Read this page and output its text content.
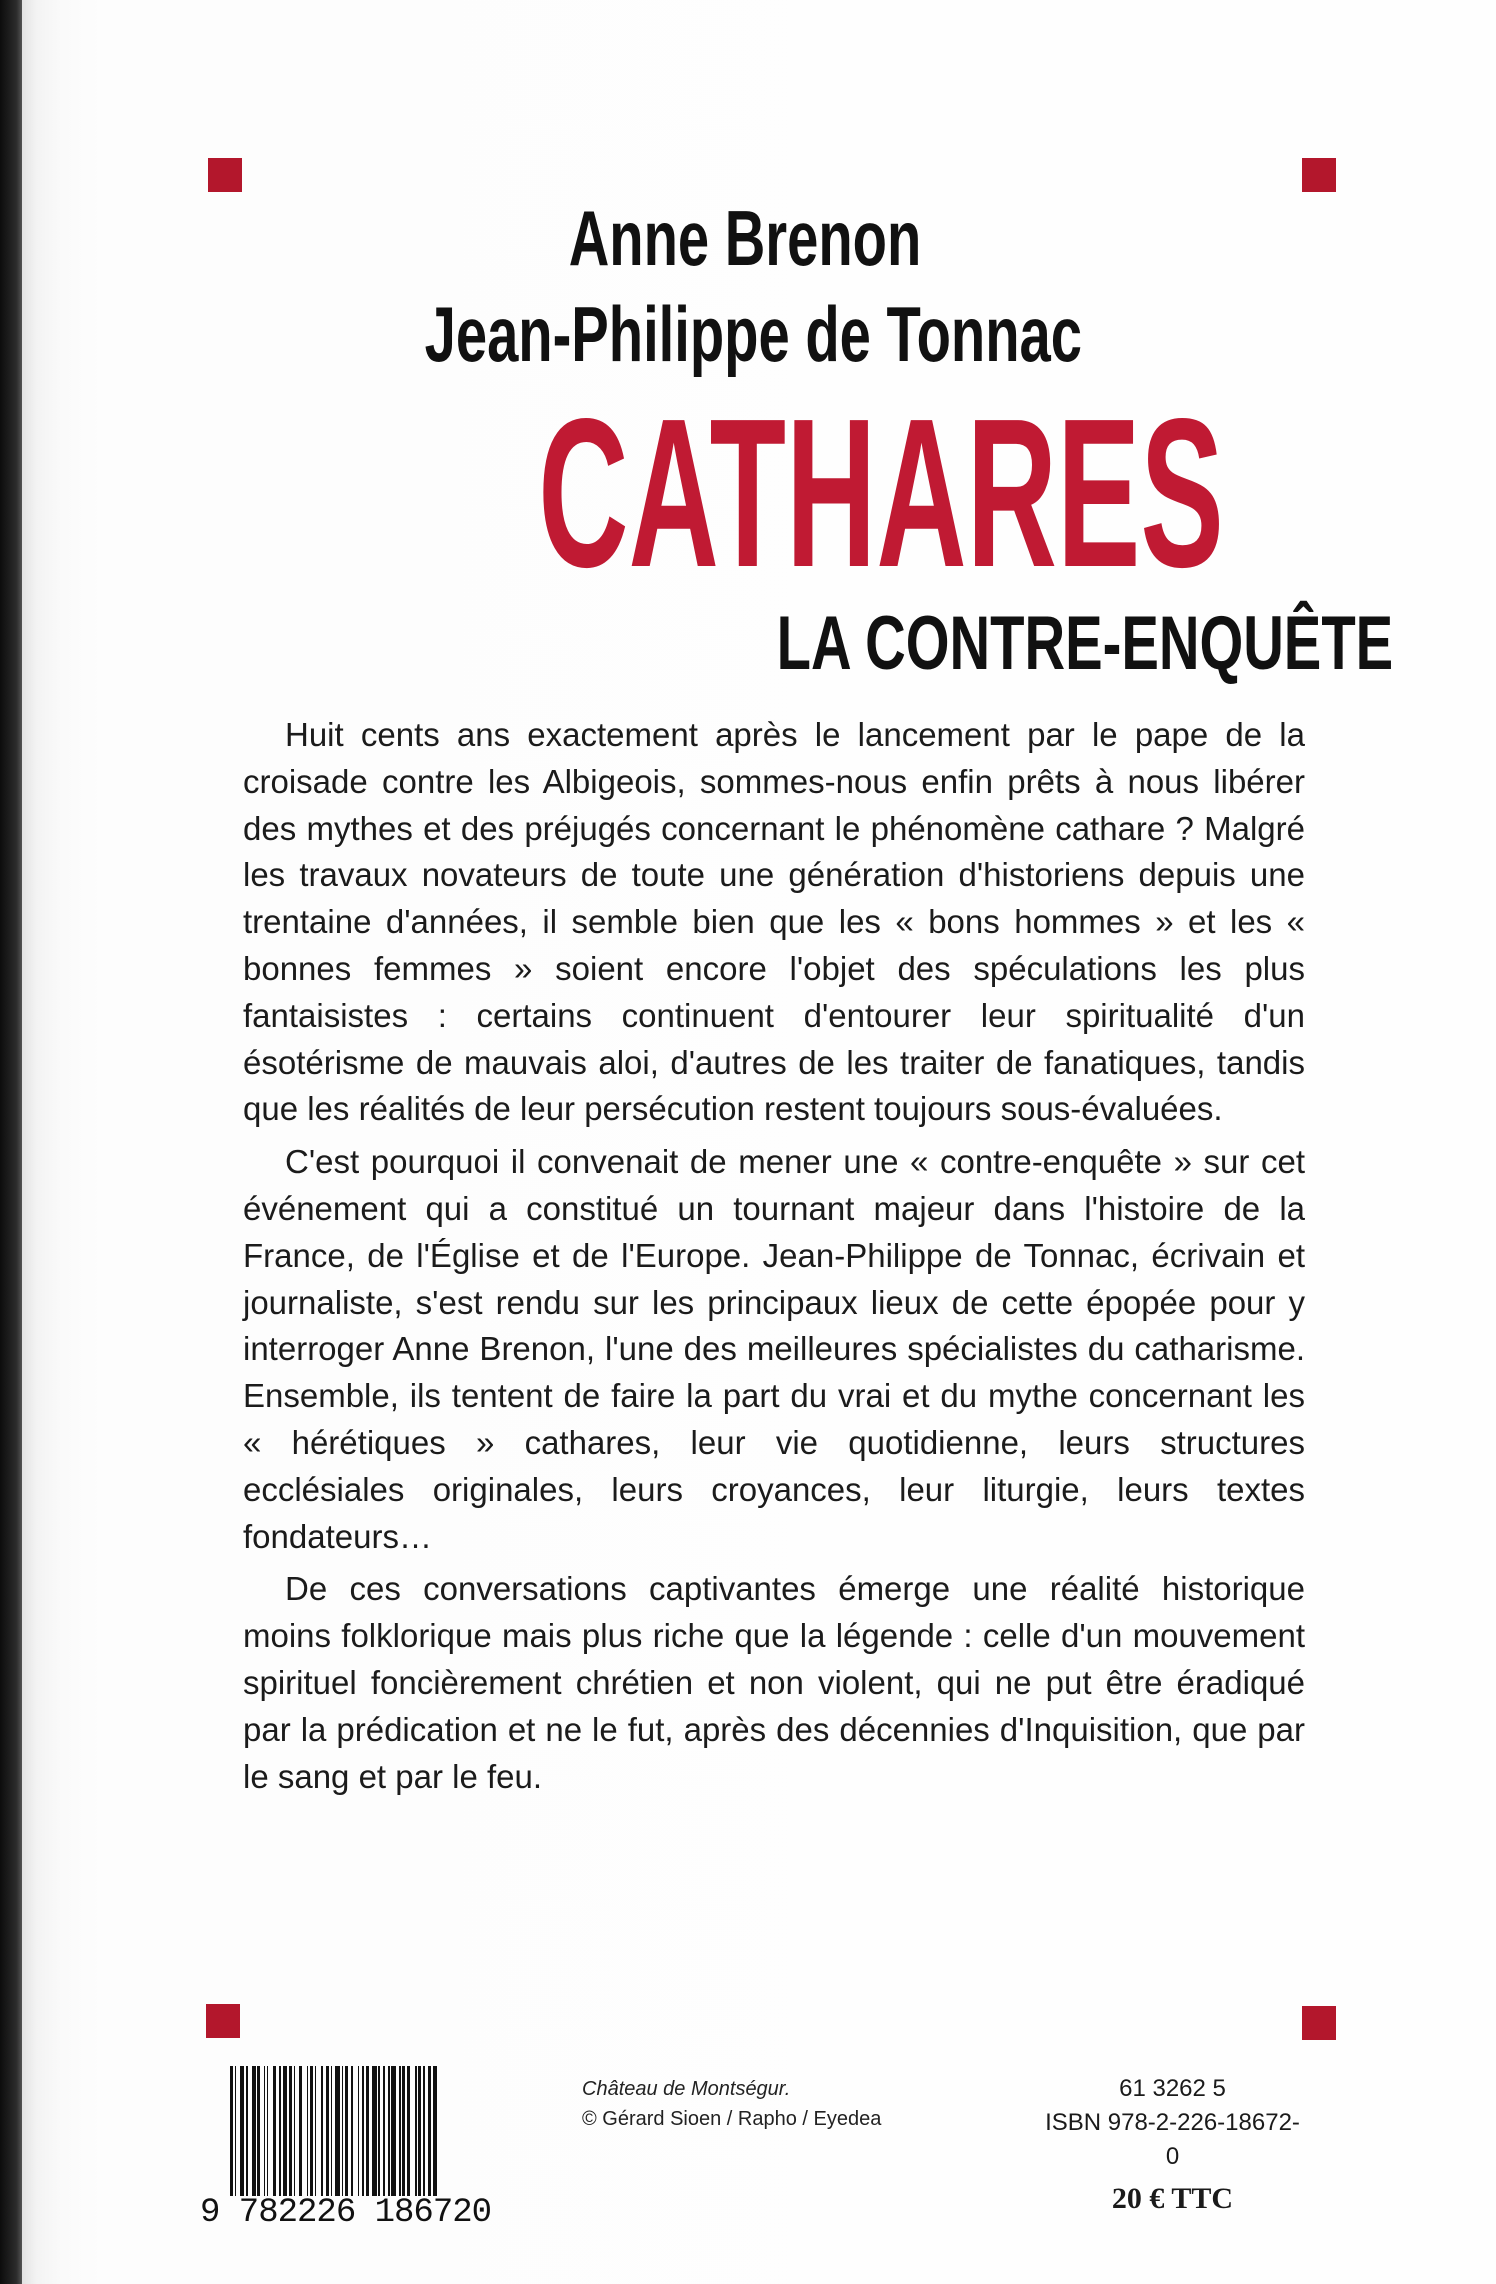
Anne Brenon
Jean-Philippe de Tonnac
CATHARES
LA CONTRE-ENQUÊTE

Huit cents ans exactement après le lancement par le pape de la croisade contre les Albigeois, sommes-nous enfin prêts à nous libérer des mythes et des préjugés concernant le phénomène cathare ? Malgré les travaux novateurs de toute une génération d'historiens depuis une trentaine d'années, il semble bien que les « bons hommes » et les « bonnes femmes » soient encore l'objet des spéculations les plus fantaisistes : certains continuent d'entourer leur spiritualité d'un ésotérisme de mauvais aloi, d'autres de les traiter de fanatiques, tandis que les réalités de leur persécution restent toujours sous-évaluées.

C'est pourquoi il convenait de mener une « contre-enquête » sur cet événement qui a constitué un tournant majeur dans l'histoire de la France, de l'Église et de l'Europe. Jean-Philippe de Tonnac, écrivain et journaliste, s'est rendu sur les principaux lieux de cette épopée pour y interroger Anne Brenon, l'une des meilleures spécialistes du catharisme. Ensemble, ils tentent de faire la part du vrai et du mythe concernant les « hérétiques » cathares, leur vie quotidienne, leurs structures ecclésiales originales, leurs croyances, leur liturgie, leurs textes fondateurs…

De ces conversations captivantes émerge une réalité historique moins folklorique mais plus riche que la légende : celle d'un mouvement spirituel foncièrement chrétien et non violent, qui ne put être éradiqué par la prédication et ne le fut, après des décennies d'Inquisition, que par le sang et par le feu.

9 782226 186720
Château de Montségur.
© Gérard Sioen / Rapho / Eyedea
61 3262 5
ISBN 978-2-226-18672-0
20 € TTC
